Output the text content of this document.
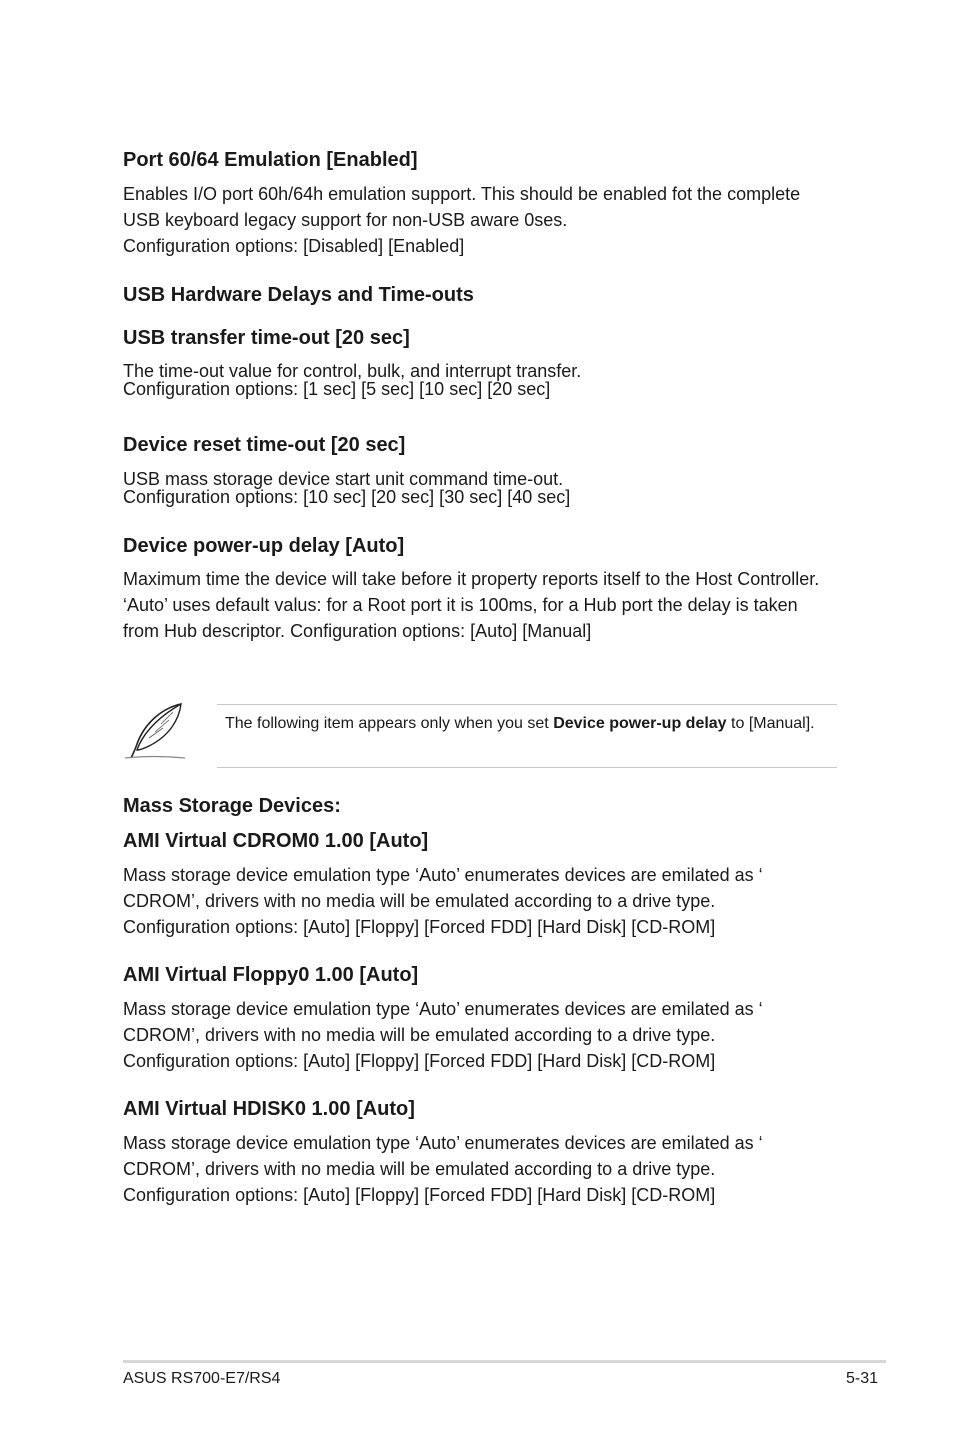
Port 60/64 Emulation [Enabled]

Enables I/O port 60h/64h emulation support. This should be enabled fot the complete USB keyboard legacy support for non-USB aware 0ses.

Configuration options: [Disabled] [Enabled]

USB Hardware Delays and Time-outs
USB transfer time-out [20 sec]

The time-out value for control, bulk, and interrupt transfer.

Configuration options: [1 sec] [5 sec] [10 sec] [20 sec]

Device reset time-out [20 sec]

USB mass storage device start unit command time-out.

Configuration options: [10 sec] [20 sec] [30 sec] [40 sec]

Device power-up delay [Auto]

Maximum time the device will take before it property reports itself to the Host Controller. ‘Auto’ uses default valus: for a Root port it is 100ms, for a Hub port the delay is taken from Hub descriptor. Configuration options: [Auto] [Manual]

The following item appears only when you set Device power-up delay to [Manual].
Mass Storage Devices:
AMI Virtual CDROM0 1.00 [Auto]

Mass storage device emulation type ‘Auto’ enumerates devices are emilated as ‘ CDROM’, drivers with no media will be emulated according to a drive type.

Configuration options: [Auto] [Floppy] [Forced FDD] [Hard Disk] [CD-ROM]

AMI Virtual Floppy0 1.00 [Auto]

Mass storage device emulation type ‘Auto’ enumerates devices are emilated as ‘ CDROM’, drivers with no media will be emulated according to a drive type.

Configuration options: [Auto] [Floppy] [Forced FDD] [Hard Disk] [CD-ROM]

AMI Virtual HDISK0 1.00 [Auto]

Mass storage device emulation type ‘Auto’ enumerates devices are emilated as ‘ CDROM’, drivers with no media will be emulated according to a drive type.

Configuration options: [Auto] [Floppy] [Forced FDD] [Hard Disk] [CD-ROM]

ASUS RS700-E7/RS4	5-31
